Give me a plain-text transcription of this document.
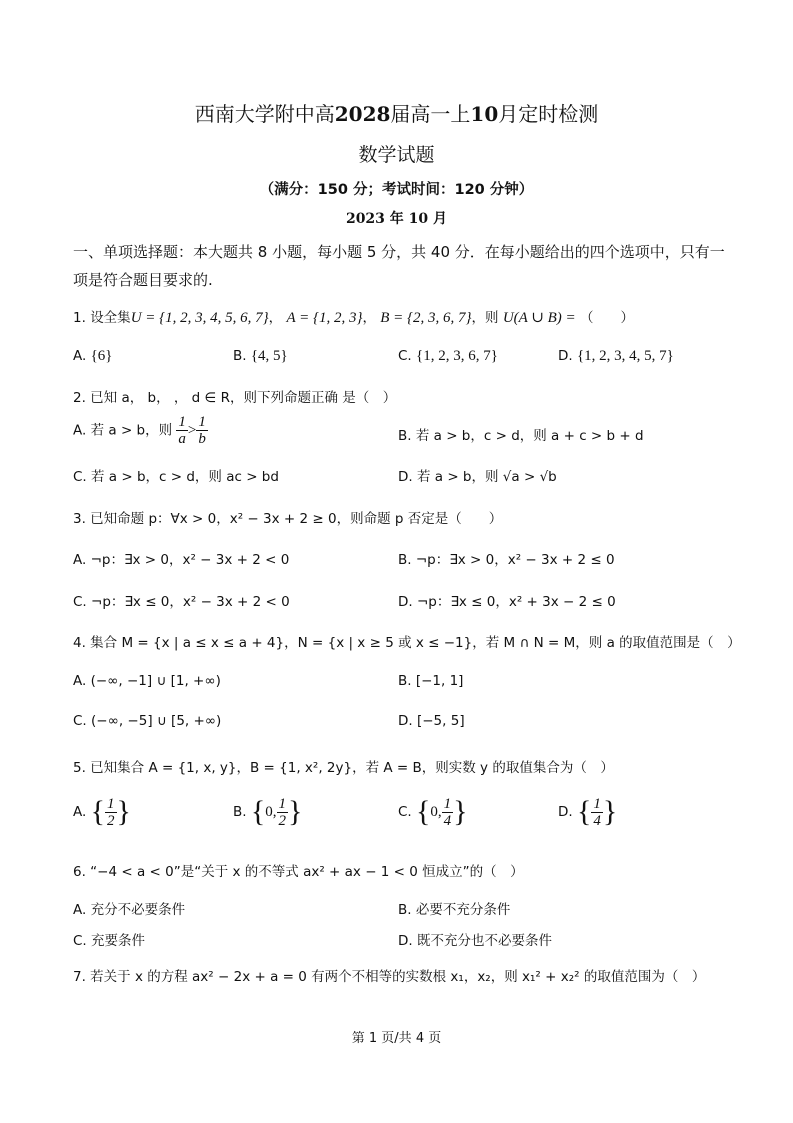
西南大学附中高2028届高一上10月定时检测
数学试题
（满分：150 分；考试时间：120 分钟）
2023 年 10 月
一、单项选择题：本大题共 8 小题，每小题 5 分，共 40 分．在每小题给出的四个选项中，只有一项是符合题目要求的.
1. 设全集U = {1, 2, 3, 4, 5, 6, 7}， A = {1, 2, 3}， B = {2, 3, 6, 7}，则 U(A ∪ B) = （　　）
A. {6}	B. {4, 5}	C. {1, 2, 3, 6, 7}	D. {1, 2, 3, 4, 5, 7}
2. 已知 a， b， ， d ∈ R，则下列命题正确 是（　）
A. 若 a > b，则 $\frac{1}{a} > \frac{1}{b}$	B. 若 a > b，c > d，则 a + c > b + d
C. 若 a > b，c > d，则 ac > bd	D. 若 a > b，则 √a > √b
3. 已知命题 p：∀x > 0，x² − 3x + 2 ≥ 0，则命题 p 否定是（　　）
A. ¬p：∃x > 0，x² − 3x + 2 < 0	B. ¬p：∃x > 0，x² − 3x + 2 ≤ 0
C. ¬p：∃x ≤ 0，x² − 3x + 2 < 0	D. ¬p：∃x ≤ 0，x² + 3x − 2 ≤ 0
4. 集合 M = {x | a ≤ x ≤ a + 4}，N = {x | x ≥ 5 或 x ≤ −1}，若 M ∩ N = M，则 a 的取值范围是（　）
A. (−∞, −1] ∪ [1, +∞)	B. [−1, 1]
C. (−∞, −5] ∪ [5, +∞)	D. [−5, 5]
5. 已知集合 A = {1, x, y}，B = {1, x², 2y}，若 A = B，则实数 y 的取值集合为（　）
A. { $\frac{1}{2}$ }	B. {0, $\frac{1}{2}$ }	C. {0, $\frac{1}{4}$ }	D. { $\frac{1}{4}$ }
6. “−4 < a < 0”是“关于 x 的不等式 ax² + ax − 1 < 0 恒成立”的（　）
A. 充分不必要条件	B. 必要不充分条件
C. 充要条件	D. 既不充分也不必要条件
7. 若关于 x 的方程 ax² − 2x + a = 0 有两个不相等的实数根 x₁，x₂，则 x₁² + x₂² 的取值范围为（　）
第 1 页/共 4 页
